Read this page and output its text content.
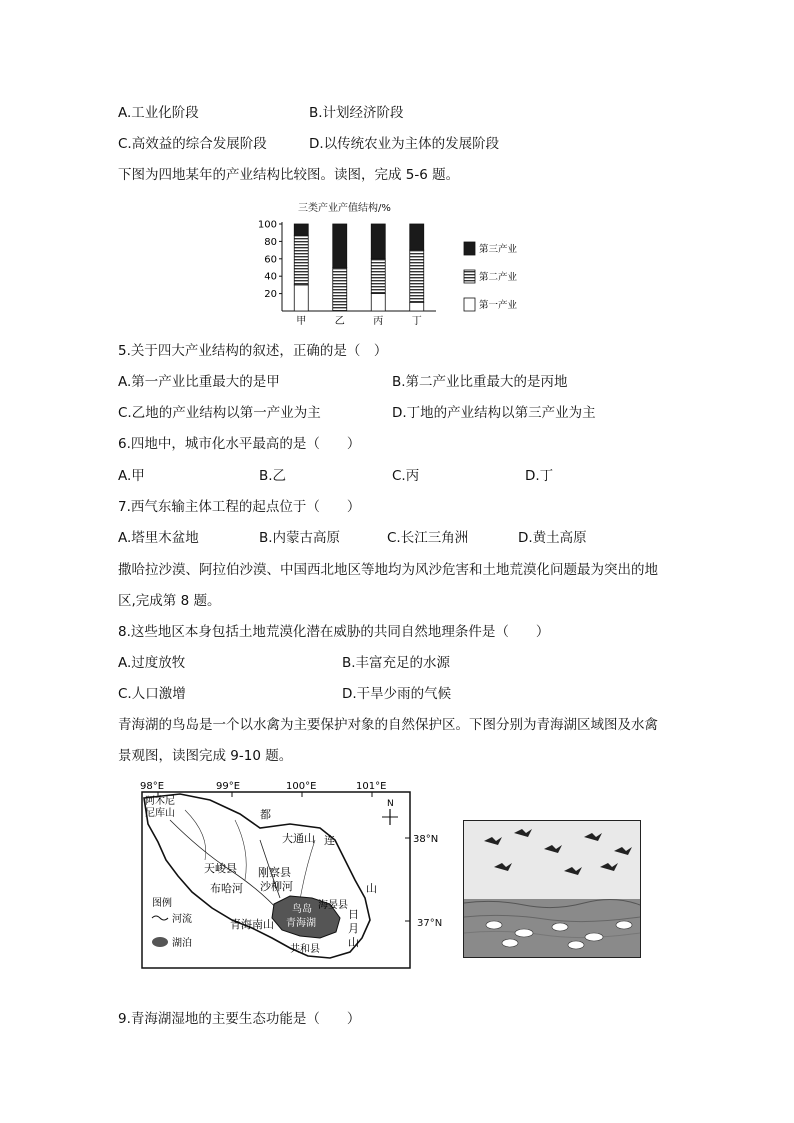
A.工业化阶段	B.计划经济阶段
C.高效益的综合发展阶段	D.以传统农业为主体的发展阶段
下图为四地某年的产业结构比较图。读图，完成 5-6 题。
三类产业产值结构/%
20
40
60
80
100
甲	乙	丙	丁
第三产业
第二产业
第一产业
5.关于四大产业结构的叙述，正确的是（　）
A.第一产业比重最大的是甲	B.第二产业比重最大的是丙地
C.乙地的产业结构以第一产业为主	D.丁地的产业结构以第三产业为主
6.四地中，城市化水平最高的是（　　）
A.甲	B.乙	C.丙	D.丁
7.西气东输主体工程的起点位于（　　）
A.塔里木盆地	B.内蒙古高原	C.长江三角洲	D.黄土高原
撒哈拉沙漠、阿拉伯沙漠、中国西北地区等地均为风沙危害和土地荒漠化问题最为突出的地
区,完成第 8 题。
8.这些地区本身包括土地荒漠化潜在威胁的共同自然地理条件是（　　）
A.过度放牧	B.丰富充足的水源
C.人口激增	D.干旱少雨的气候
青海湖的鸟岛是一个以水禽为主要保护对象的自然保护区。下图分别为青海湖区域图及水禽
景观图，读图完成 9-10 题。
98°E	99°E	100°E	101°E
N
38°N
阿木尼
尼库山	都
大通山 连
天峻县 刚察县
布哈河 沙柳河	山
鸟岛 海晏县
日
青海湖	月
青海南山
山
共和县
图例
河流
湖泊
37°N
9.青海湖湿地的主要生态功能是（　　）
